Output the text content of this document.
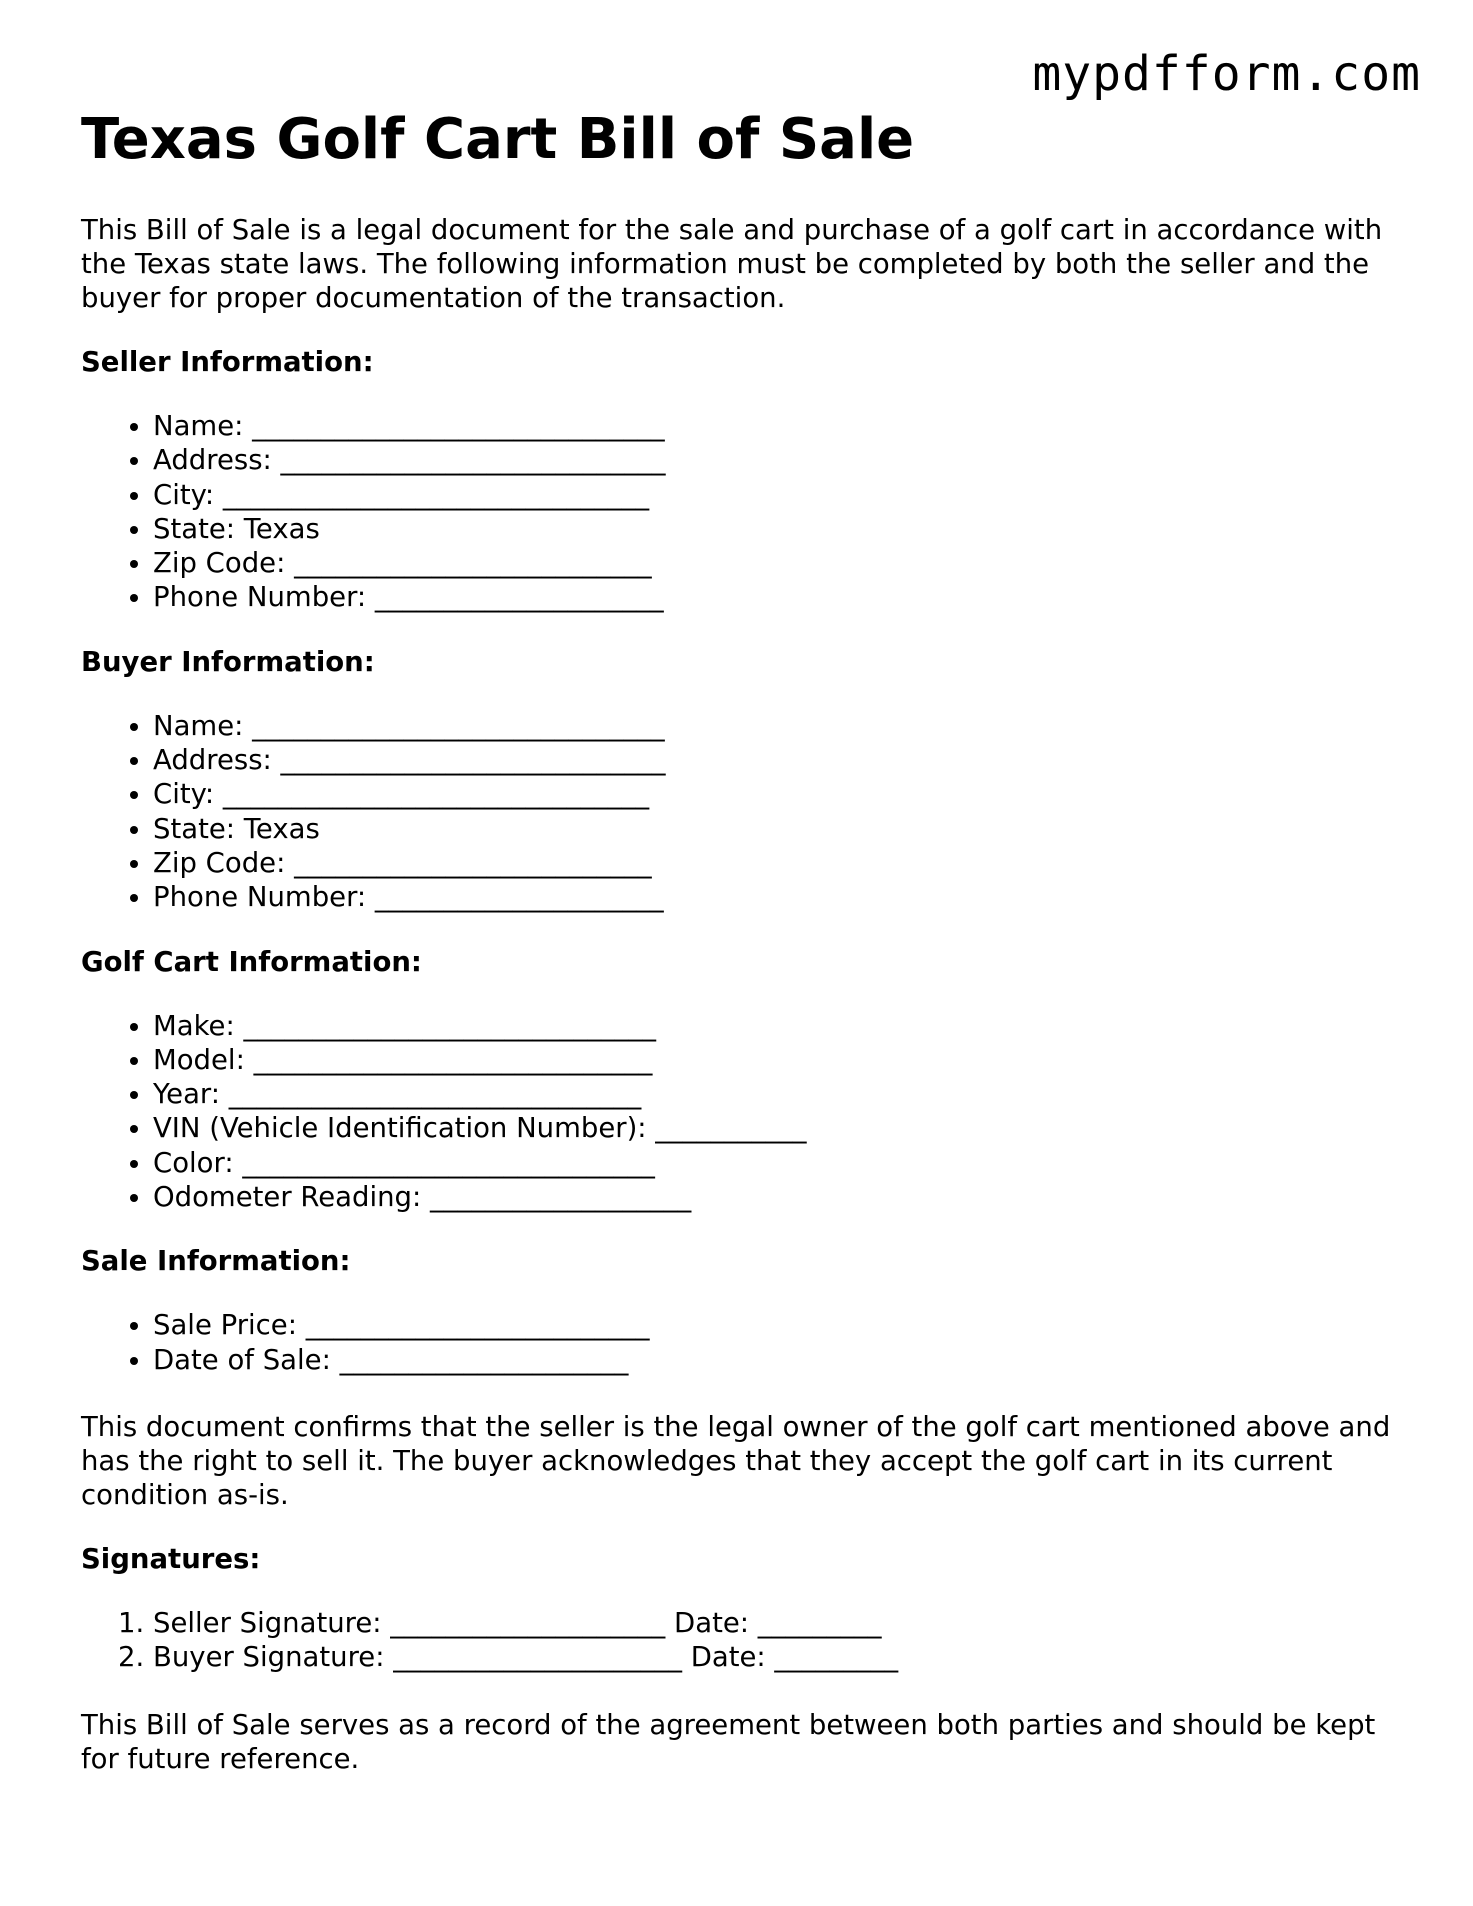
mypdfform.com
Texas Golf Cart Bill of Sale

This Bill of Sale is a legal document for the sale and purchase of a golf cart in accordance with the Texas state laws. The following information must be completed by both the seller and the buyer for proper documentation of the transaction.

Seller Information:
• Name: ______________________________
• Address: ____________________________
• City: _______________________________
• State: Texas
• Zip Code: __________________________
• Phone Number: _____________________
Buyer Information:
• Name: ______________________________
• Address: ____________________________
• City: _______________________________
• State: Texas
• Zip Code: __________________________
• Phone Number: _____________________
Golf Cart Information:
• Make: ______________________________
• Model: _____________________________
• Year: ______________________________
• VIN (Vehicle Identification Number): ___________
• Color: ______________________________
• Odometer Reading: ___________________
Sale Information:
• Sale Price: _________________________
• Date of Sale: _____________________

This document confirms that the seller is the legal owner of the golf cart mentioned above and has the right to sell it. The buyer acknowledges that they accept the golf cart in its current condition as-is.

Signatures:
1. Seller Signature: ____________________ Date: _________
2. Buyer Signature: _____________________ Date: _________

This Bill of Sale serves as a record of the agreement between both parties and should be kept for future reference.
